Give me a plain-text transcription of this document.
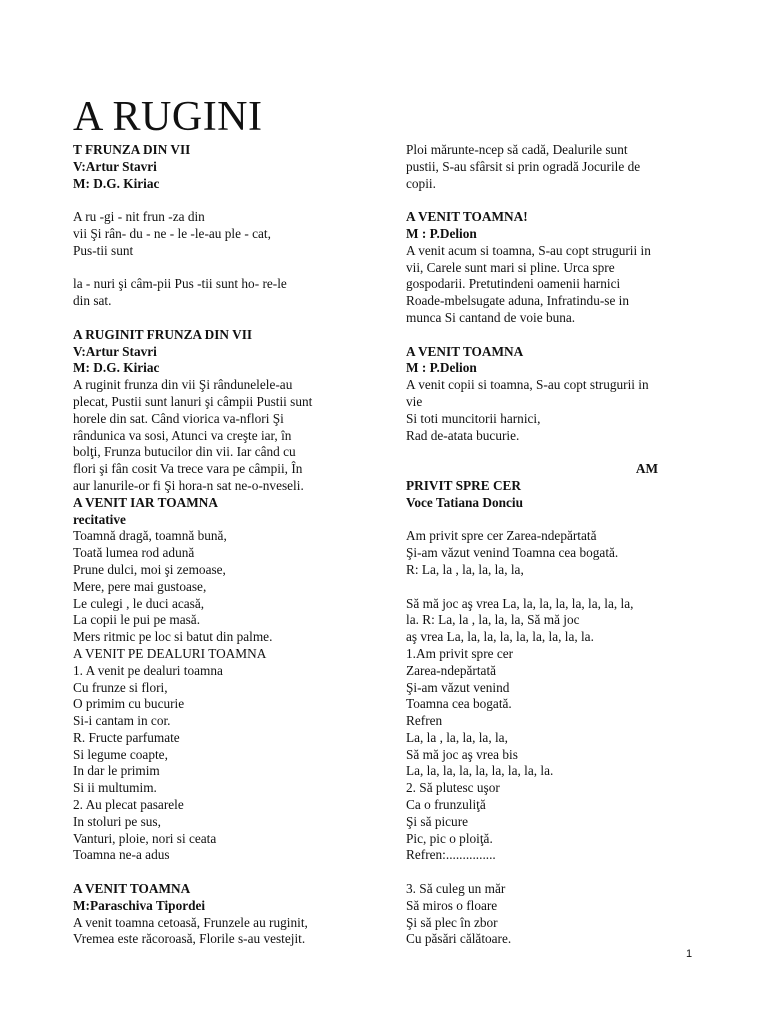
A RUGINI

T FRUNZA DIN VII

V:Artur Stavri

M: D.G. Kiriac

A ru -gi - nit frun -za din

vii Şi rân- du - ne - le -le-au ple - cat,

Pus-tii sunt

la - nuri şi câm-pii Pus -tii sunt ho- re-le

din sat.

A RUGINIT FRUNZA DIN VII

V:Artur Stavri

M: D.G. Kiriac

A ruginit frunza din vii Şi rândunelele-au

plecat, Pustii sunt lanuri şi câmpii Pustii sunt

horele din sat. Când viorica va-nflori Şi

rândunica va sosi, Atunci va creşte iar, în

bolţi, Frunza butucilor din vii. Iar când cu

flori şi fân cosit Va trece vara pe câmpii, În

aur lanurile-or fi Şi hora-n sat ne-o-nveseli.

A VENIT IAR TOAMNA

recitative

Toamnă dragă, toamnă bună,

Toată lumea rod adună

Prune dulci, moi şi zemoase,

Mere, pere mai gustoase,

Le culegi , le duci acasă,

La copii le pui pe masă.

Mers ritmic pe loc si batut din palme.

A VENIT PE DEALURI TOAMNA

1. A venit pe dealuri toamna

Cu frunze si flori,

O primim cu bucurie

Si-i cantam in cor.

R. Fructe parfumate

Si legume coapte,

In dar le primim

Si ii multumim.

2. Au plecat pasarele

In stoluri pe sus,

Vanturi, ploie, nori si ceata

Toamna ne-a adus

A VENIT TOAMNA

M:Paraschiva Tipordei

A venit toamna cetoasă, Frunzele au ruginit,

Vremea este răcoroasă, Florile s-au vestejit.

Ploi mărunte-ncep să cadă, Dealurile sunt

pustii, S-au sfârsit si prin ogradă Jocurile de

copii.

A VENIT TOAMNA!

M : P.Delion

A venit acum si toamna, S-au copt strugurii in

vii, Carele sunt mari si pline. Urca spre

gospodarii. Pretutindeni oamenii harnici

Roade-mbelsugate aduna, Infratindu-se in

munca Si cantand de voie buna.

A VENIT TOAMNA

M : P.Delion

A venit copii si toamna, S-au copt strugurii in

vie

Si toti muncitorii harnici,

Rad de-atata bucurie.

AM

PRIVIT SPRE CER

Voce Tatiana Donciu

Am privit spre cer Zarea-ndepărtată

Şi-am văzut venind Toamna cea bogată.

R: La, la , la, la, la, la,

Să mă joc aş vrea La, la, la, la, la, la, la, la,

la. R: La, la , la, la, la, Să mă joc

aş vrea La, la, la, la, la, la, la, la, la.

1.Am privit spre cer

Zarea-ndepărtată

Şi-am văzut venind

Toamna cea bogată.

Refren

La, la , la, la, la, la,

Să mă joc aş vrea bis

La, la, la, la, la, la, la, la, la.

2. Să plutesc uşor

Ca o frunzuliţă

Şi să picure

Pic, pic o ploiţă.

Refren:...............

3. Să culeg un măr

Să miros o floare

Şi să plec în zbor

Cu păsări călătoare.

1
